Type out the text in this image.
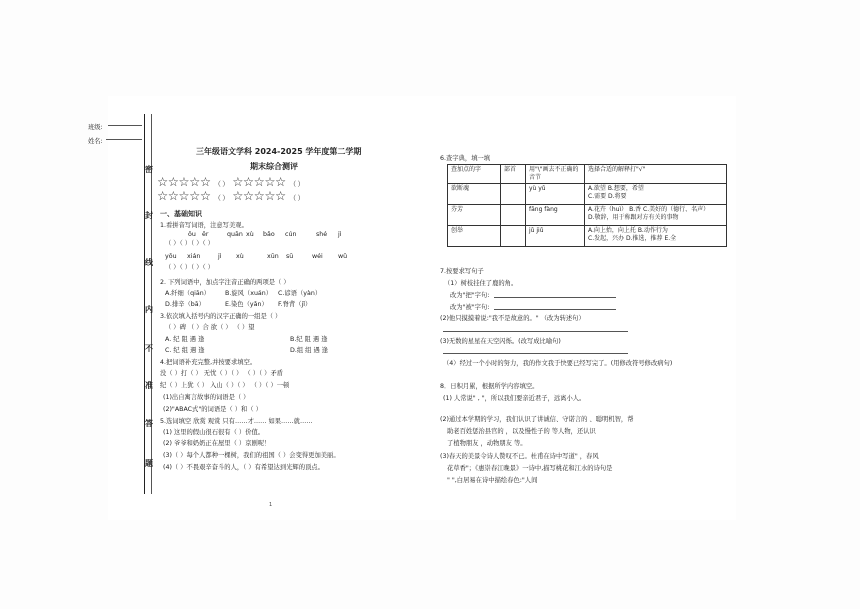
班级:
姓名:
密
封
线
内
不
准
答
题
三年级语文学科 2024-2025 学年度第二学期
期末综合测评
☆☆☆☆☆ （ ） ☆☆☆☆☆ （ ）
☆☆☆☆☆ （ ） ☆☆☆☆☆ （ ）
一、基础知识
1.看拼音写词语，注意写美观。
ǒu ěr	quān xù bǎo cún	shé jì
（ ）（ ）（ ）（ ）
yōu xián	jì xù	xūn sū	wéi wǔ
（ ）（ ）（ ）（ ）
2. 下列词语中，加点字注音正确的两项是（ ）
A.纤细（qiān） B.旋风（xuán） C.谚语（yàn）
D.排辛（bā）	E.染色（yǎn） F.脊背（jǐ）
3.依次填入括号内的汉字正确的一组是（ ）
（ ）碑 （ ）合 欲（ ） （ ）望
A. 纪 阻 遇 逢	B.纪 阻 遇 逢
C. 纪 组 遇 逢	D.组 组 遇 逢
4.把词语补充完整,并按要求填空。
没（ ）打（ ） 无忧（ ）（ ） （ ）（ ）矛盾
纪（ ）上犹（ ） 入山（ ）（ ） （ ）（ ）一顿
(1)出自寓言故事的词语是（ ）
(2)"ABAC式"的词语是（ ）和（ ）
5.选词填空 欣赏 观赏 只有……才…… 如果……就……
(1) 这里的假山很石很有（ ）价值。
(2) 爷爷和奶奶正在屋里（ ）京剧呢！
(3)（ ）每个人都种一棵树，我们的祖国（ ）会变得更加美丽。
(4)（ ）不畏艰辛奋斗的人，（ ）有希望达到光辉的顶点。
1
6.查字典，填一填
查加点的字	部首	用"\"画去不正确的音节	选择合适的解释打"√"
欲断魂		yù yǔ	A.欲望 B.想要，希望
C.需要 D.将要
芬芳		fāng fàng	A.花卉（huì） B.香 C.美好的（德行、名声）
D.敬辞，用于称跟对方有关的事物
创举		jǔ jiǔ	A.向上抬，向上托 B.动作行为
C.发起，兴办 D.推选，推荐 E.全
7.按要求写句子
（1）树枝挂住了鹿的角。
改为"把"字句:
改为"被"字句:
(2)他只摸摸着说:"我不是故意的。" （改为转述句）
(3)无数的星星在天空闪烁。(改写成比喻句)
（4）经过一个小时的努力，我的作文我于快要已经写完了。(用修改符号修改病句)
8．日积月累，根据所学内容填空。
(1) 人常说" , "，所以我们要亲近君子，远离小人。
(2)通过本学期的学习，我们认识了讲诚信、守诺言的 、聪明机智，帮
助老百姓惩治县官的 ，以及慢性子的 等人物，还认识
了植物朋友 ，动物朋友 等。
(3)春天的美景令诗人赞叹不已。杜甫在诗中写道" ，春风
花草香"；《惠崇春江晚景》一诗中,描写桃花和江水的诗句是
" ",白居易在诗中描绘春色:"人间
